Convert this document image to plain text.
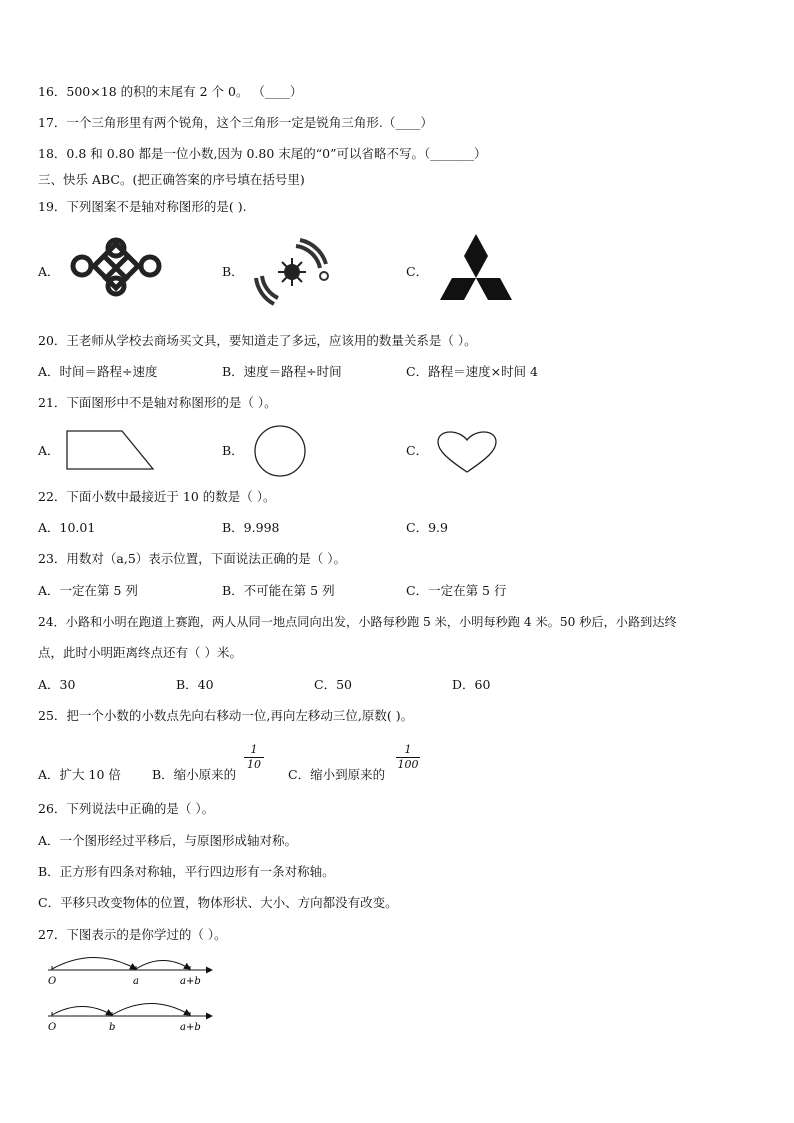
16．500×18 的积的末尾有 2 个 0。 （____）
17．一个三角形里有两个锐角，这个三角形一定是锐角三角形.（____）
18．0.8 和 0.80 都是一位小数,因为 0.80 末尾的“0”可以省略不写。（_______）
三、快乐 ABC。(把正确答案的序号填在括号里)
19．下列图案不是轴对称图形的是( ).
A．	B．	C．
20．王老师从学校去商场买文具，要知道走了多远，应该用的数量关系是（ ）。
A．时间＝路程÷速度	B．速度＝路程÷时间	C．路程＝速度×时间 4
21．下面图形中不是轴对称图形的是（ ）。
A．	B．	C．
22．下面小数中最接近于 10 的数是（ ）。
A．10.01	B．9.998	C．9.9
23．用数对（a,5）表示位置，下面说法正确的是（ ）。
A．一定在第 5 列	B．不可能在第 5 列	C．一定在第 5 行
24．小路和小明在跑道上赛跑，两人从同一地点同向出发，小路每秒跑 5 米，小明每秒跑 4 米。50 秒后，小路到达终
点，此时小明距离终点还有（ ）米。
A．30	B．40	C．50	D．60
25．把一个小数的小数点先向右移动一位,再向左移动三位,原数( )。
A．扩大 10 倍 B．缩小原来的
1
10
C．缩小到原来的
1
100
26．下列说法中正确的是（ ）。
A．一个图形经过平移后，与原图形成轴对称。
B．正方形有四条对称轴，平行四边形有一条对称轴。
C．平移只改变物体的位置，物体形状、大小、方向都没有改变。
27．下图表示的是你学过的（ ）。
O	a	a+b
O	b	a+b
